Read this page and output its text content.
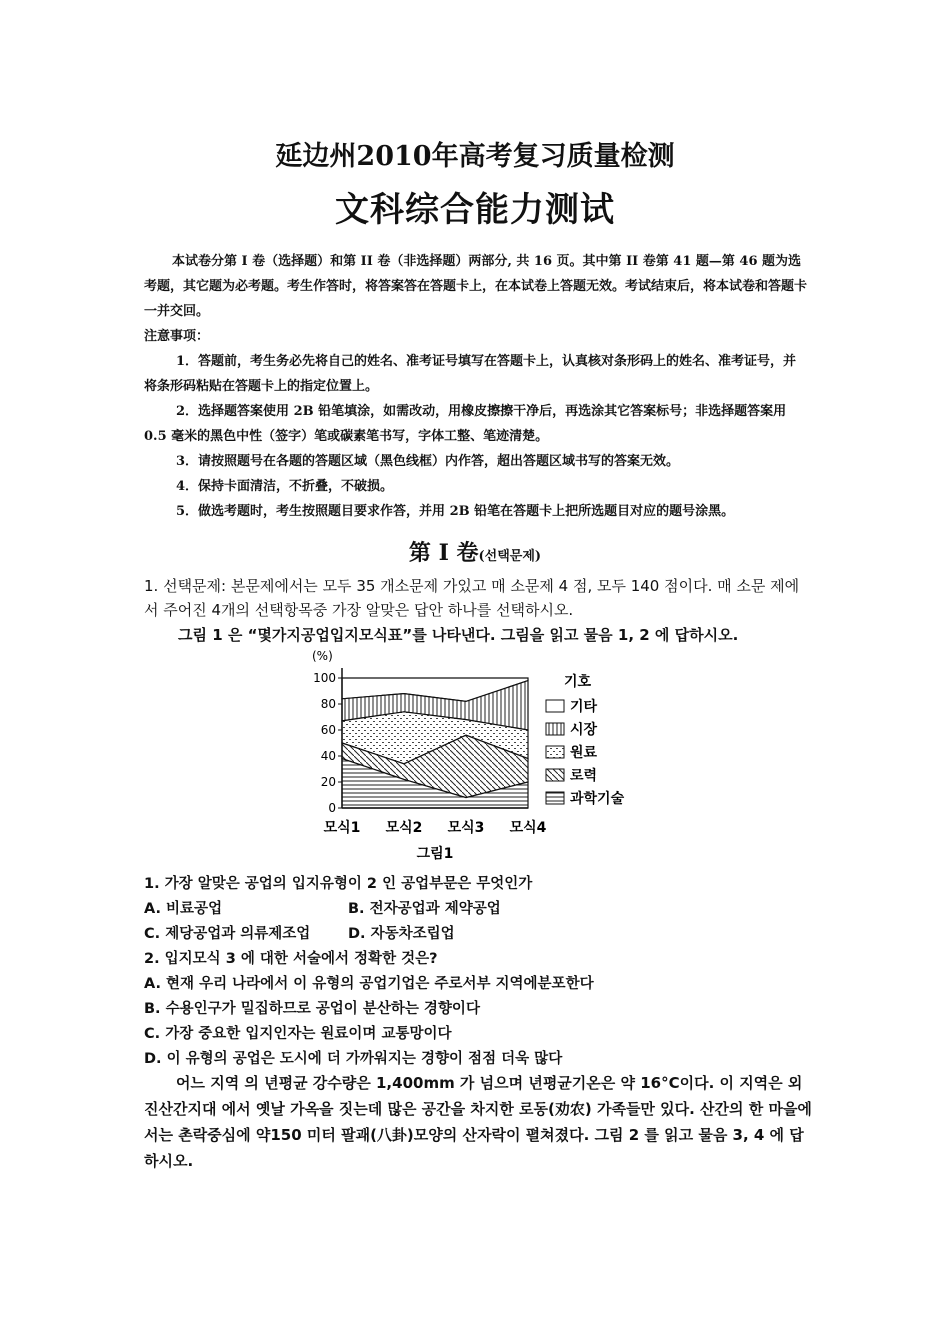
延边州2010年高考复习质量检测
文科综合能力测试

本试卷分第 I 卷（选择题）和第 II 卷（非选择题）两部分, 共 16 页。其中第 II 卷第 41 题—第 46 题为选考题，其它题为必考题。考生作答时，将答案答在答题卡上，在本试卷上答题无效。考试结束后，将本试卷和答题卡一并交回。

注意事项：

1．答题前，考生务必先将自己的姓名、准考证号填写在答题卡上，认真核对条形码上的姓名、准考证号，并将条形码粘贴在答题卡上的指定位置上。

2．选择题答案使用 2B 铅笔填涂，如需改动，用橡皮擦擦干净后，再选涂其它答案标号；非选择题答案用 0.5 毫米的黑色中性（签字）笔或碳素笔书写，字体工整、笔迹清楚。

3．请按照题号在各题的答题区域（黑色线框）内作答，超出答题区域书写的答案无效。

4．保持卡面清洁，不折叠，不破损。

5．做选考题时，考生按照题目要求作答，并用 2B 铅笔在答题卡上把所选题目对应的题号涂黑。

第 I 卷(선택문제)

1. 선택문제: 본문제에서는 모두 35 개소문제 가있고 매 소문제 4 점, 모두 140 점이다. 매 소문 제에서 주어진 4개의 선택항목중 가장 알맞은 답안 하나를 선택하시오.

그림 1 은 “몇가지공업입지모식표”를 나타낸다. 그림을 읽고 물음 1, 2 에 답하시오.
(%)
0
20
40
60
80
100
모식1 모식2 모식3 모식4
그림1
기호
기타
시장
원료
로력
과학기술

1. 가장 알맞은 공업의 입지유형이 2 인 공업부문은 무엇인가

A. 비료공업	B. 전자공업과 제약공업
C. 제당공업과 의류제조업	D. 자동차조립업

2. 입지모식 3 에 대한 서술에서 정확한 것은?

A. 현재 우리 나라에서 이 유형의 공업기업은 주로서부 지역에분포한다

B. 수용인구가 밀집하므로 공업이 분산하는 경향이다

C. 가장 중요한 입지인자는 원료이며 교통망이다

D. 이 유형의 공업은 도시에 더 가까워지는 경향이 점점 더욱 많다

어느 지역 의 년평균 강수량은 1,400mm 가 넘으며 년평균기온은 약 16°C이다. 이 지역은 외진산간지대 에서 옛날 가옥을 짓는데 많은 공간을 차지한 로동(劝农) 가족들만 있다. 산간의 한 마을에서는 촌락중심에 약150 미터 팔괘(八卦)모양의 산자락이 펼쳐졌다. 그림 2 를 읽고 물음 3, 4 에 답하시오.
